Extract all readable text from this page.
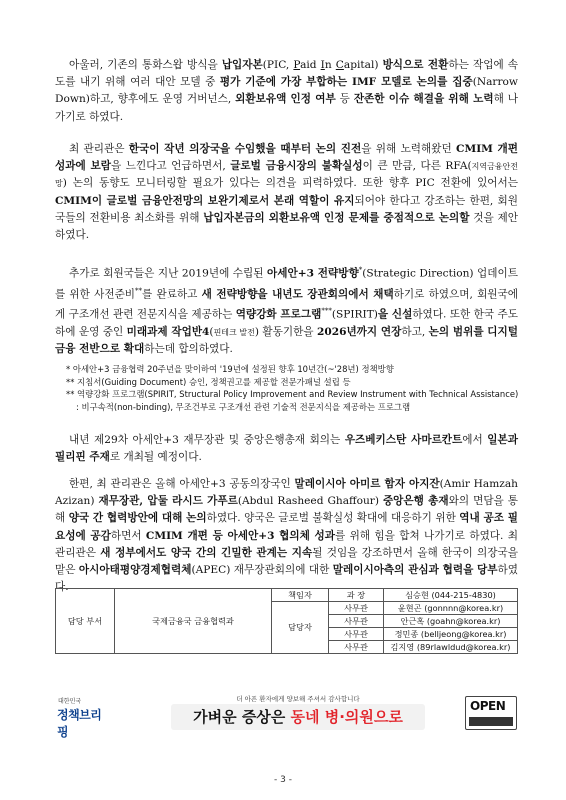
아울러, 기존의 통화스왑 방식을 납입자본(PIC, Paid In Capital) 방식으로 전환하는 작업에 속도를 내기 위해 여러 대안 모델 중 평가 기준에 가장 부합하는 IMF 모델로 논의를 집중(Narrow Down)하고, 향후에도 운영 거버넌스, 외환보유액 인정 여부 등 잔존한 이슈 해결을 위해 노력해 나가기로 하였다.

최 관리관은 한국이 작년 의장국을 수임했을 때부터 논의 진전을 위해 노력해왔던 CMIM 개편 성과에 보람을 느낀다고 언급하면서, 글로벌 금융시장의 불확실성이 큰 만큼, 다른 RFA(지역금융안전망) 논의 동향도 모니터링할 필요가 있다는 의견을 피력하였다. 또한 향후 PIC 전환에 있어서는 CMIM이 글로벌 금융안전망의 보완기제로서 본래 역할이 유지되어야 한다고 강조하는 한편, 회원국들의 전환비용 최소화를 위해 납입자본금의 외환보유액 인정 문제를 중점적으로 논의할 것을 제안하였다.

추가로 회원국들은 지난 2019년에 수립된 아세안+3 전략방향*(Strategic Direction) 업데이트를 위한 사전준비**를 완료하고 새 전략방향을 내년도 장관회의에서 채택하기로 하였으며, 회원국에게 구조개선 관련 전문지식을 제공하는 역량강화 프로그램***(SPIRIT)을 신설하였다. 또한 한국 주도하에 운영 중인 미래과제 작업반4(핀테크 발전) 활동기한을 2026년까지 연장하고, 논의 범위를 디지털 금융 전반으로 확대하는데 합의하였다.

* 아세안+3 금융협력 20주년을 맞이하여 '19년에 설정된 향후 10년간(~'28년) 정책방향
** 지침서(Guiding Document) 승인, 정책권고를 제공할 전문가패널 설립 등
** 역량강화 프로그램(SPIRIT, Structural Policy Improvement and Review Instrument with Technical Assistance)
: 비구속적(non-binding), 무조건부로 구조개선 관련 기술적 전문지식을 제공하는 프로그램

내년 제29차 아세안+3 재무장관 및 중앙은행총재 회의는 우즈베키스탄 사마르칸트에서 일본과 필리핀 주재로 개최될 예정이다.

한편, 최 관리관은 올해 아세안+3 공동의장국인 말레이시아 아미르 함자 아지잔(Amir Hamzah Azizan) 재무장관, 압둘 라시드 가푸르(Abdul Rasheed Ghaffour) 중앙은행 총재와의 면담을 통해 양국 간 협력방안에 대해 논의하였다. 양국은 글로벌 불확실성 확대에 대응하기 위한 역내 공조 필요성에 공감하면서 CMIM 개편 등 아세안+3 협의체 성과를 위해 힘을 합쳐 나가기로 하였다. 최 관리관은 새 정부에서도 양국 간의 긴밀한 관계는 지속될 것임을 강조하면서 올해 한국이 의장국을 맡은 아시아태평양경제협력체(APEC) 재무장관회의에 대한 말레이시아측의 관심과 협력을 당부하였다.

담당 부서	국제금융국 금융협력과	책임자	과 장	심승현 (044-215-4830)
		담당자	사무관	윤현곤 (gonnnn@korea.kr)
			사무관	안근혹 (goahn@korea.kr)
			사무관	정민종 (belljeong@korea.kr)
			사무관	김지영 (89rlawldud@korea.kr)
대한민국
정책브리핑
더 아픈 환자에게 양보해 주셔서 감사합니다
가벼운 증상은 동네 병·의원으로
OPEN
- 3 -
